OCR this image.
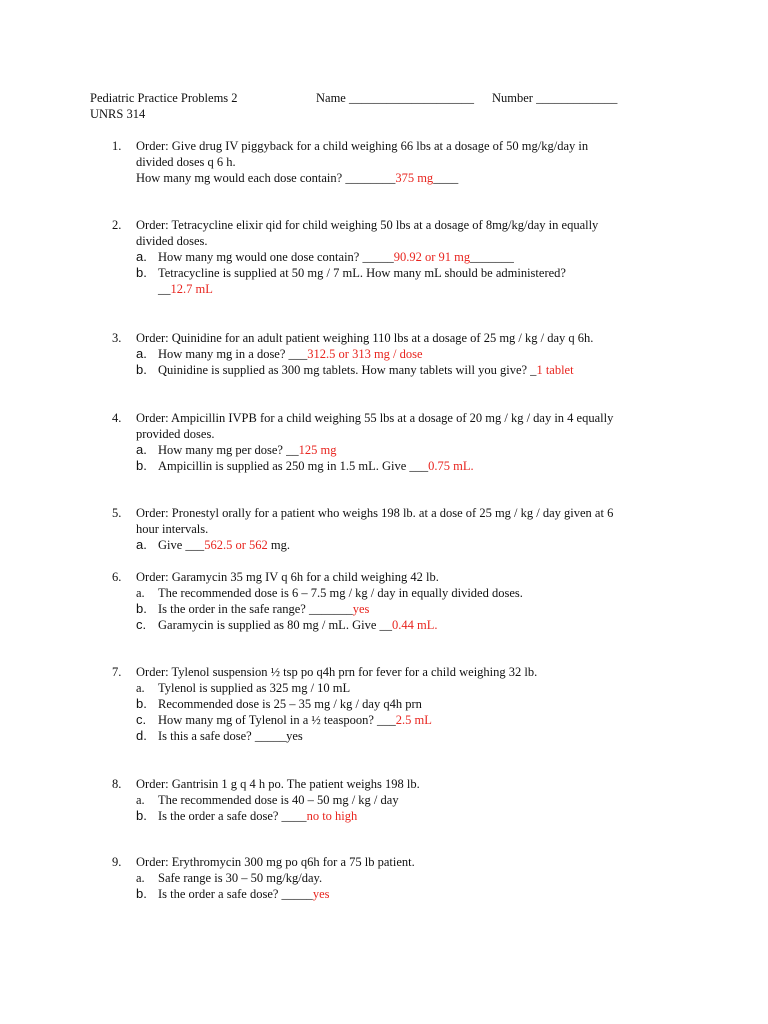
Pediatric Practice Problems 2	Name ____________________ Number _____________
UNRS 314
1.	Order: Give drug IV piggyback for a child weighing 66 lbs at a dosage of 50 mg/kg/day in
divided doses q 6 h.
How many mg would each dose contain? ________375 mg____
2.	Order: Tetracycline elixir qid for child weighing 50 lbs at a dosage of 8mg/kg/day in equally
divided doses.
a. How many mg would one dose contain? _____90.92 or 91 mg_______
b. Tetracycline is supplied at 50 mg / 7 mL. How many mL should be administered?
__12.7 mL
3.	Order: Quinidine for an adult patient weighing 110 lbs at a dosage of 25 mg / kg / day q 6h.
a. How many mg in a dose? ___312.5 or 313 mg / dose
b. Quinidine is supplied as 300 mg tablets. How many tablets will you give? _1 tablet
4.	Order: Ampicillin IVPB for a child weighing 55 lbs at a dosage of 20 mg / kg / day in 4 equally
provided doses.
a. How many mg per dose? __125 mg
b. Ampicillin is supplied as 250 mg in 1.5 mL. Give ___0.75 mL.
5.	Order: Pronestyl orally for a patient who weighs 198 lb. at a dose of 25 mg / kg / day given at 6
hour intervals.
a. Give ___562.5 or 562 mg.
6.	Order: Garamycin 35 mg IV q 6h for a child weighing 42 lb.
a. The recommended dose is 6 – 7.5 mg / kg / day in equally divided doses.
b. Is the order in the safe range? _______yes
c. Garamycin is supplied as 80 mg / mL. Give __0.44 mL.
7.	Order: Tylenol suspension ½ tsp po q4h prn for fever for a child weighing 32 lb.
a. Tylenol is supplied as 325 mg / 10 mL
b. Recommended dose is 25 – 35 mg / kg / day q4h prn
c. How many mg of Tylenol in a ½ teaspoon? ___2.5 mL
d. Is this a safe dose? _____yes
8.	Order: Gantrisin 1 g q 4 h po. The patient weighs 198 lb.
a. The recommended dose is 40 – 50 mg / kg / day
b. Is the order a safe dose? ____no to high
9.	Order: Erythromycin 300 mg po q6h for a 75 lb patient.
a. Safe range is 30 – 50 mg/kg/day.
b. Is the order a safe dose? _____yes
